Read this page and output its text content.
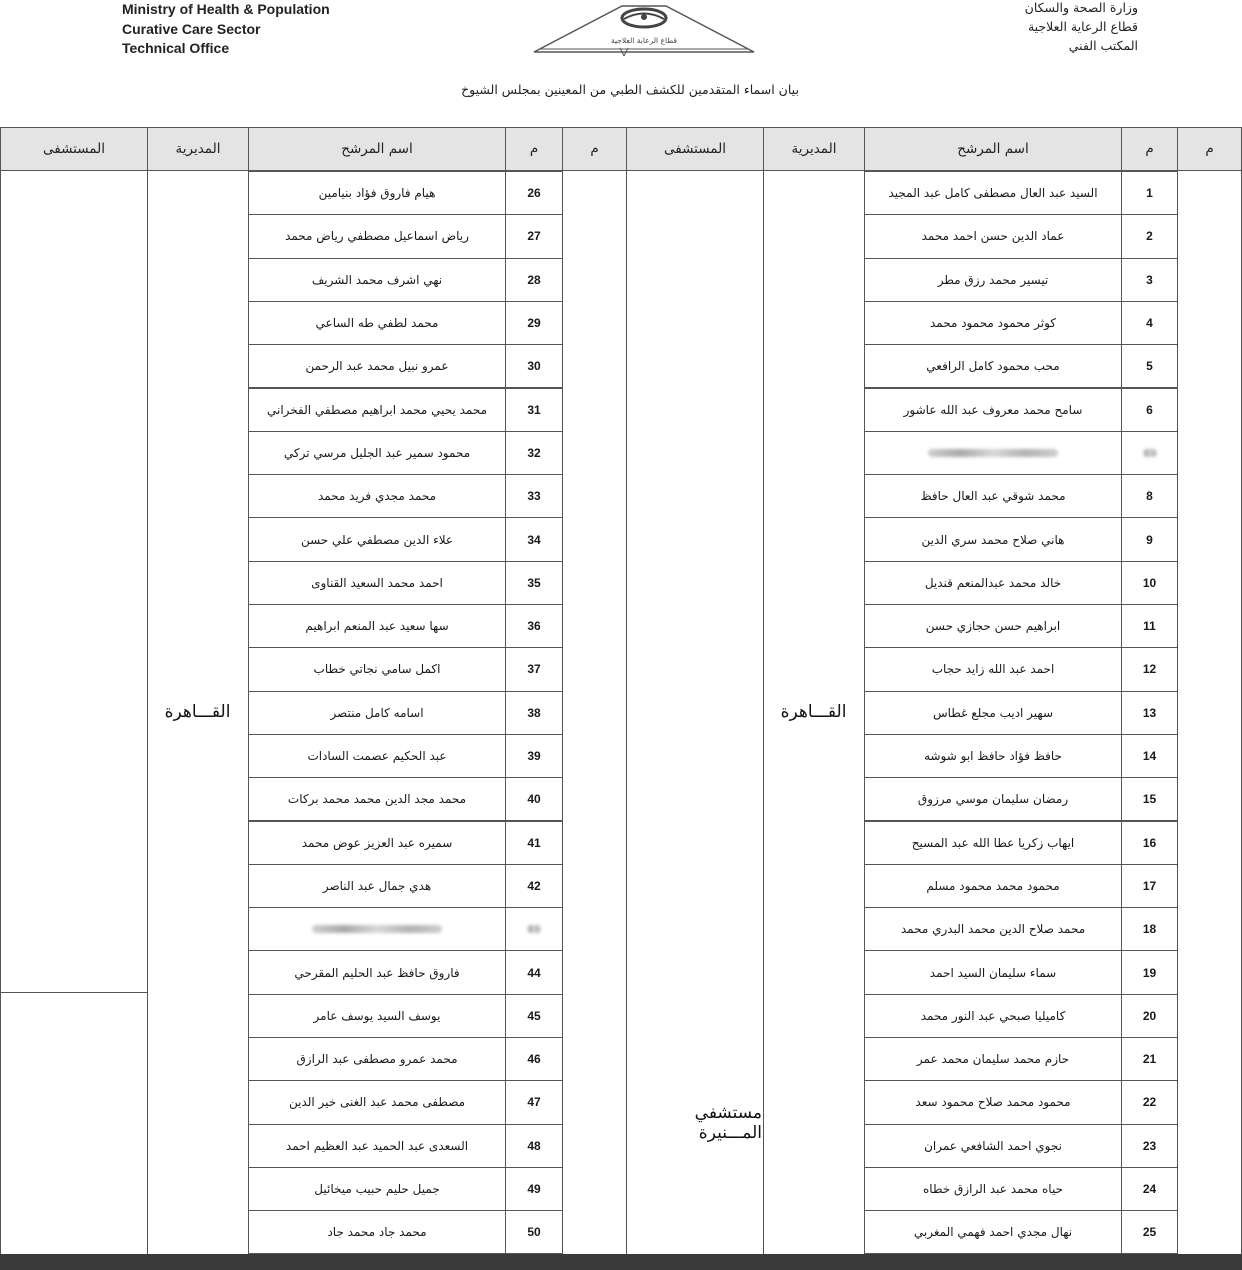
Ministry of Health & Population
Curative Care Sector
Technical Office
وزارة الصحة والسكان
قطاع الرعاية العلاجية
المكتب الفني
قطاع الرعاية العلاجية
بيان اسماء المتقدمين للكشف الطبي من المعينين بمجلس الشيوخ
م
م
اسم المرشح
المديرية
المستشفى
م
م
اسم المرشح
المديرية
المستشفى
1
السيد عبد العال مصطفى كامل عبد المجيد
2
عماد الدين حسن احمد محمد
3
تيسير محمد رزق مطر
4
كوثر محمود محمود محمد
5
محب محمود كامل الرافعي
6
سامح محمد معروف عبد الله عاشور
8
محمد شوقي عبد العال حافظ
9
هاني صلاح محمد سري الدين
10
خالد محمد عبدالمنعم قنديل
11
ابراهيم حسن حجازي حسن
12
احمد عبد الله زايد حجاب
13
سهير اديب مجلع غطاس
14
حافظ فؤاد حافظ ابو شوشه
15
رمضان سليمان موسي مرزوق
16
ايهاب زكريا عطا الله عبد المسيح
17
محمود محمد محمود مسلم
18
محمد صلاح الدين محمد البدري محمد
19
سماء سليمان السيد احمد
20
كاميليا صبحي عبد النور محمد
21
حازم محمد سليمان محمد عمر
22
محمود محمد صلاح محمود سعد
23
نجوي احمد الشافعي عمران
24
حياه محمد عبد الرازق خطاه
25
نهال مجدي احمد فهمي المغربي
26
هيام فاروق فؤاد بنيامين
27
رياض اسماعيل مصطفي رياض محمد
28
نهي اشرف محمد الشريف
29
محمد لطفي طه الساعي
30
عمرو نبيل محمد عبد الرحمن
31
محمد يحيي محمد ابراهيم مصطفي الفخراني
32
محمود سمير عبد الجليل مرسي تركي
33
محمد مجدي فريد محمد
34
علاء الدين مصطفي علي حسن
35
احمد محمد السعيد القناوى
36
سها سعيد عبد المنعم ابراهيم
37
اكمل سامي نجاتي خطاب
38
اسامه كامل منتصر
39
عبد الحكيم عصمت السادات
40
محمد مجد الدين محمد محمد بركات
41
سميره عبد العزيز عوض محمد
42
هدي جمال عبد الناصر
44
فاروق حافظ عبد الحليم المقرحي
45
يوسف السيد يوسف عامر
46
محمد عمرو مصطفى عبد الرازق
47
مصطفى محمد عبد الغنى خير الدين
48
السعدى عبد الحميد عبد العظيم احمد
49
جميل حليم حبيب ميخائيل
50
محمد جاد محمد جاد
القـــاهرة
القـــاهرة
مستشفي المـــنيرة
